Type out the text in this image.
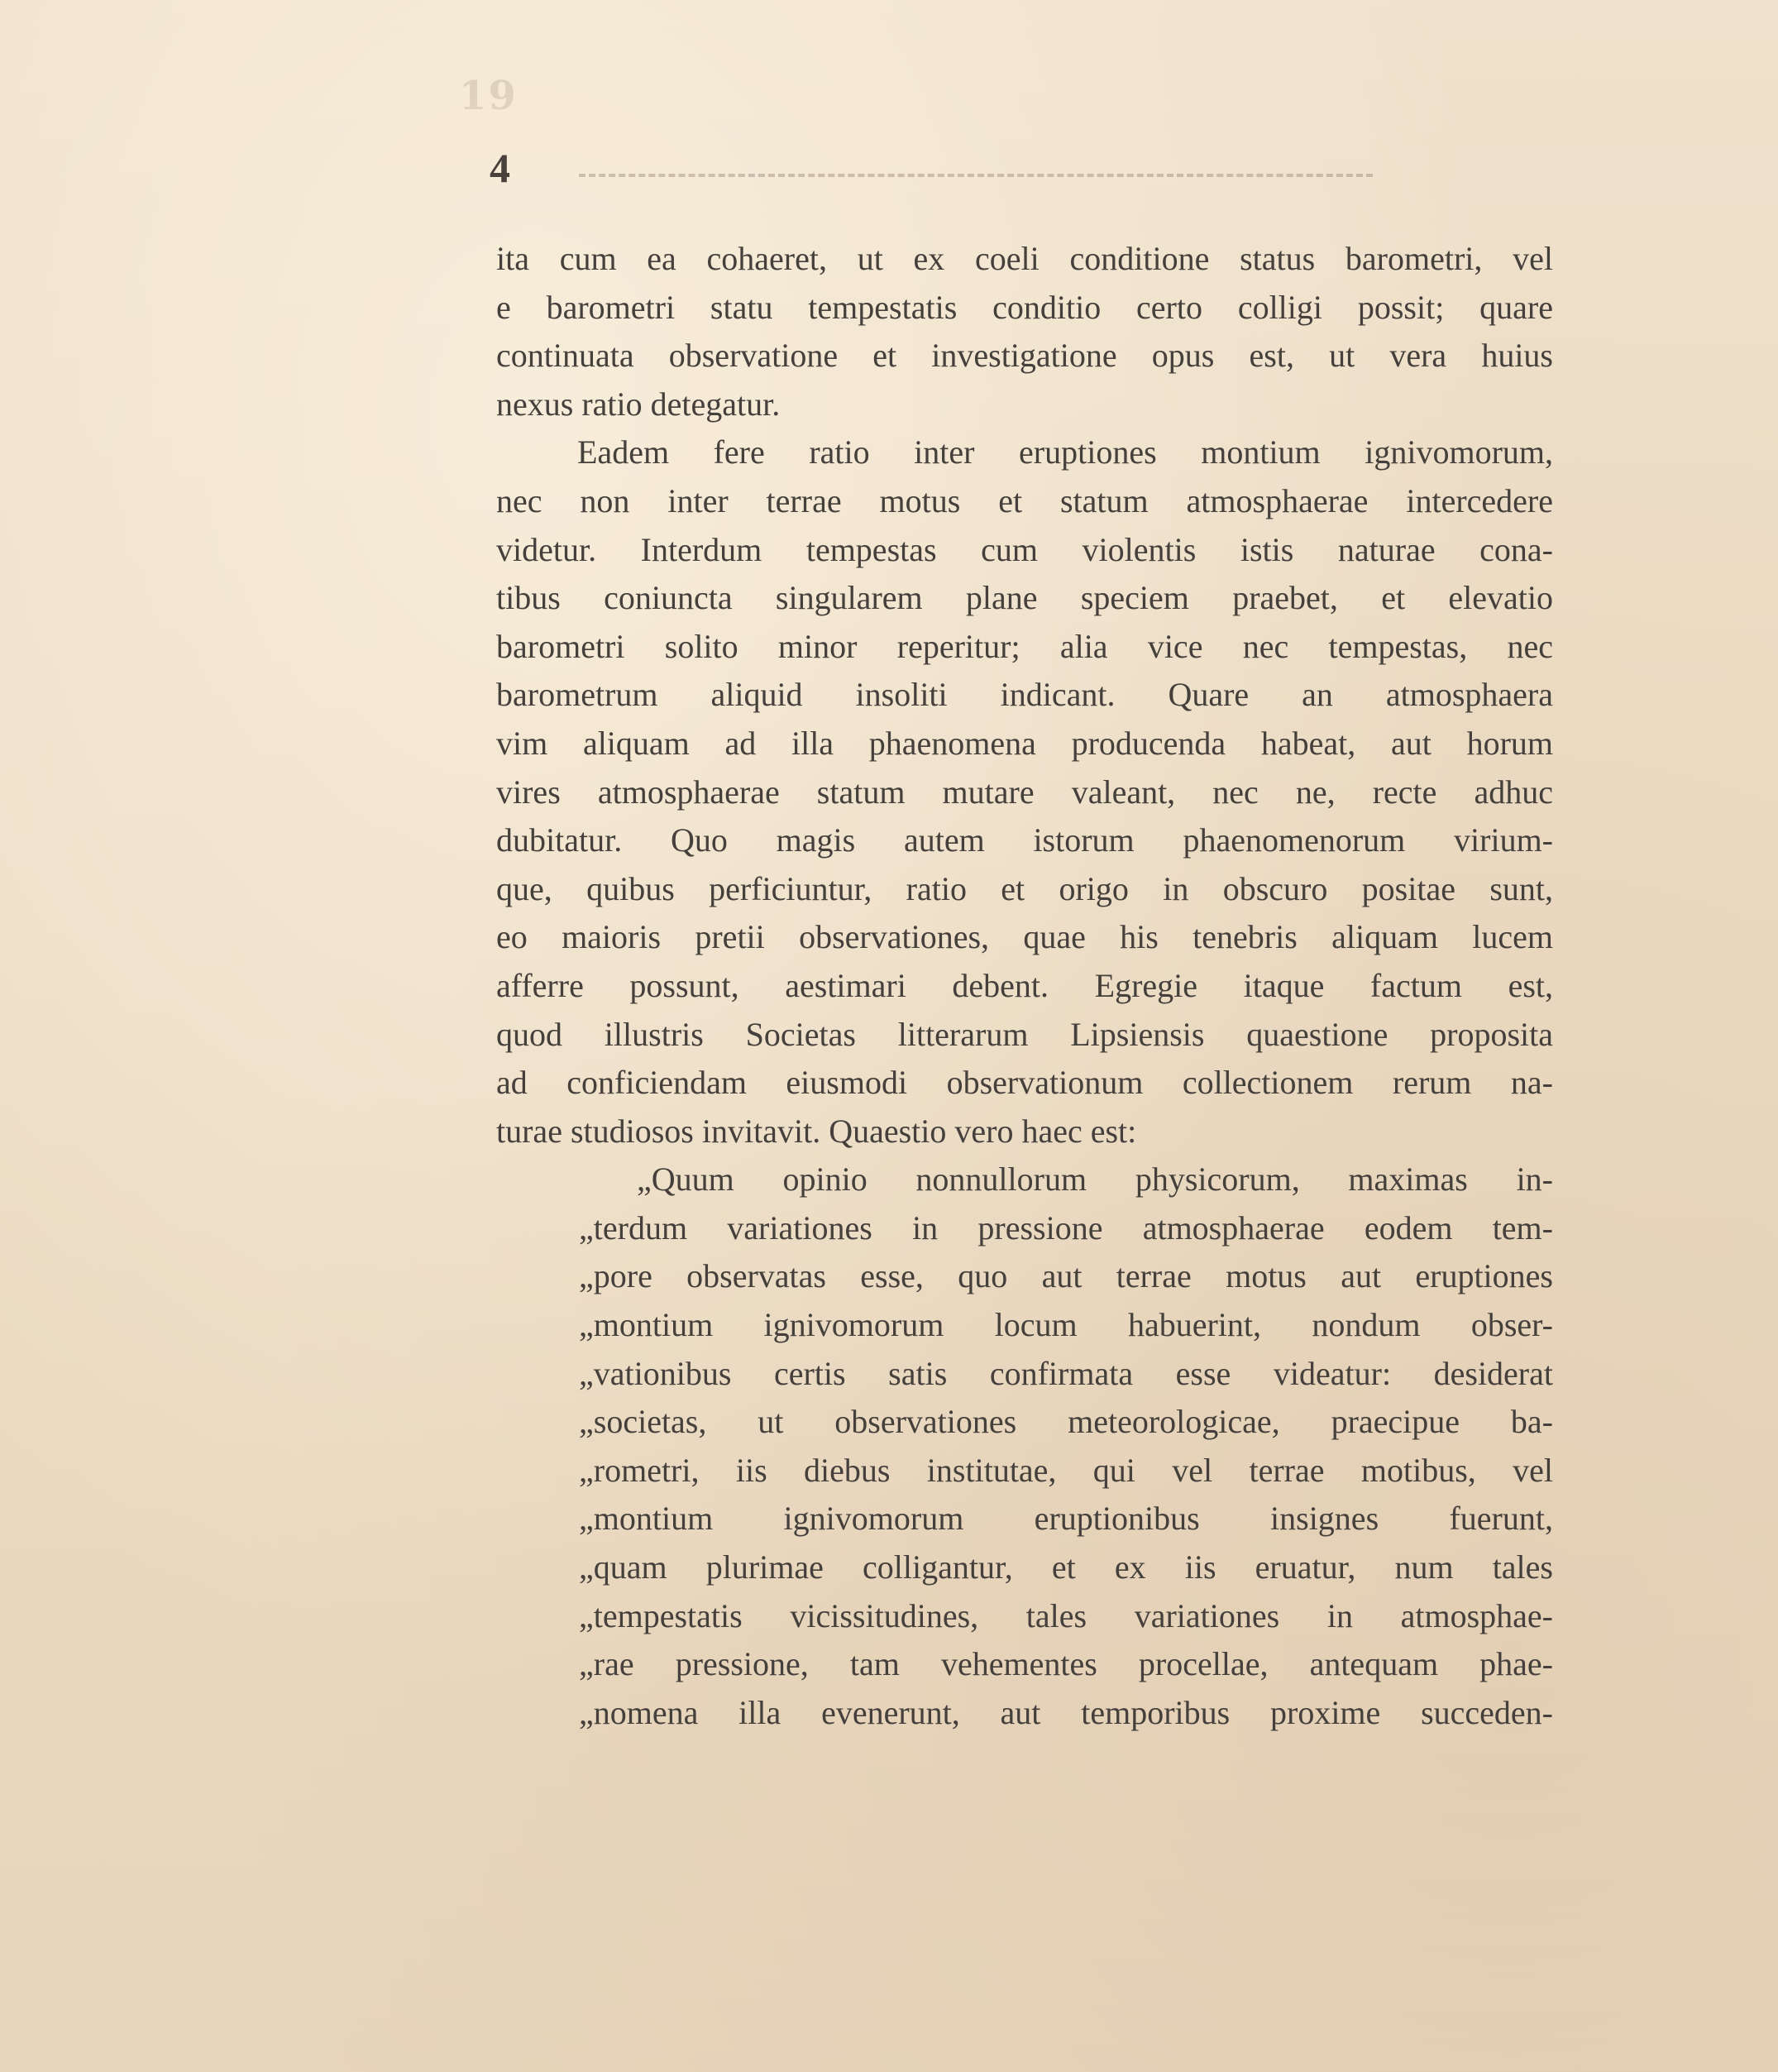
19
4
ita cum ea cohaeret, ut ex coeli conditione status barometri, vel
e barometri statu tempestatis conditio certo colligi possit; quare
continuata observatione et investigatione opus est, ut vera huius
nexus ratio detegatur.
Eadem fere ratio inter eruptiones montium ignivomorum,
nec non inter terrae motus et statum atmosphaerae intercedere
videtur. Interdum tempestas cum violentis istis naturae cona-
tibus coniuncta singularem plane speciem praebet, et elevatio
barometri solito minor reperitur; alia vice nec tempestas, nec
barometrum aliquid insoliti indicant. Quare an atmosphaera
vim aliquam ad illa phaenomena producenda habeat, aut horum
vires atmosphaerae statum mutare valeant, nec ne, recte adhuc
dubitatur. Quo magis autem istorum phaenomenorum virium-
que, quibus perficiuntur, ratio et origo in obscuro positae sunt,
eo maioris pretii observationes, quae his tenebris aliquam lucem
afferre possunt, aestimari debent. Egregie itaque factum est,
quod illustris Societas litterarum Lipsiensis quaestione proposita
ad conficiendam eiusmodi observationum collectionem rerum na-
turae studiosos invitavit. Quaestio vero haec est:
„Quum opinio nonnullorum physicorum, maximas in-
„terdum variationes in pressione atmosphaerae eodem tem-
„pore observatas esse, quo aut terrae motus aut eruptiones
„montium ignivomorum locum habuerint, nondum obser-
„vationibus certis satis confirmata esse videatur: desiderat
„societas, ut observationes meteorologicae, praecipue ba-
„rometri, iis diebus institutae, qui vel terrae motibus, vel
„montium ignivomorum eruptionibus insignes fuerunt,
„quam plurimae colligantur, et ex iis eruatur, num tales
„tempestatis vicissitudines, tales variationes in atmosphae-
„rae pressione, tam vehementes procellae, antequam phae-
„nomena illa evenerunt, aut temporibus proxime succeden-
